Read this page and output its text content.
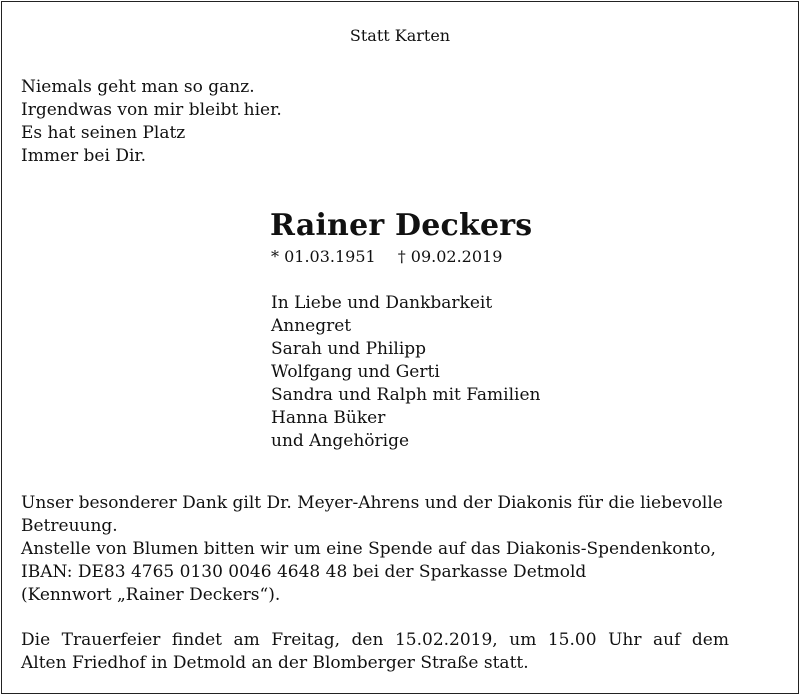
Statt Karten
Niemals geht man so ganz.
Irgendwas von mir bleibt hier.
Es hat seinen Platz
Immer bei Dir.
Rainer Deckers
* 01.03.1951 † 09.02.2019
In Liebe und Dankbarkeit
Annegret
Sarah und Philipp
Wolfgang und Gerti
Sandra und Ralph mit Familien
Hanna Büker
und Angehörige
Unser besonderer Dank gilt Dr. Meyer-Ahrens und der Diakonis für die liebevolle
Betreuung.
Anstelle von Blumen bitten wir um eine Spende auf das Diakonis-Spendenkonto,
IBAN: DE83 4765 0130 0046 4648 48 bei der Sparkasse Detmold
(Kennwort „Rainer Deckers“).
Die Trauerfeier findet am Freitag, den 15.02.2019, um 15.00 Uhr auf dem
Alten Friedhof in Detmold an der Blomberger Straße statt.
